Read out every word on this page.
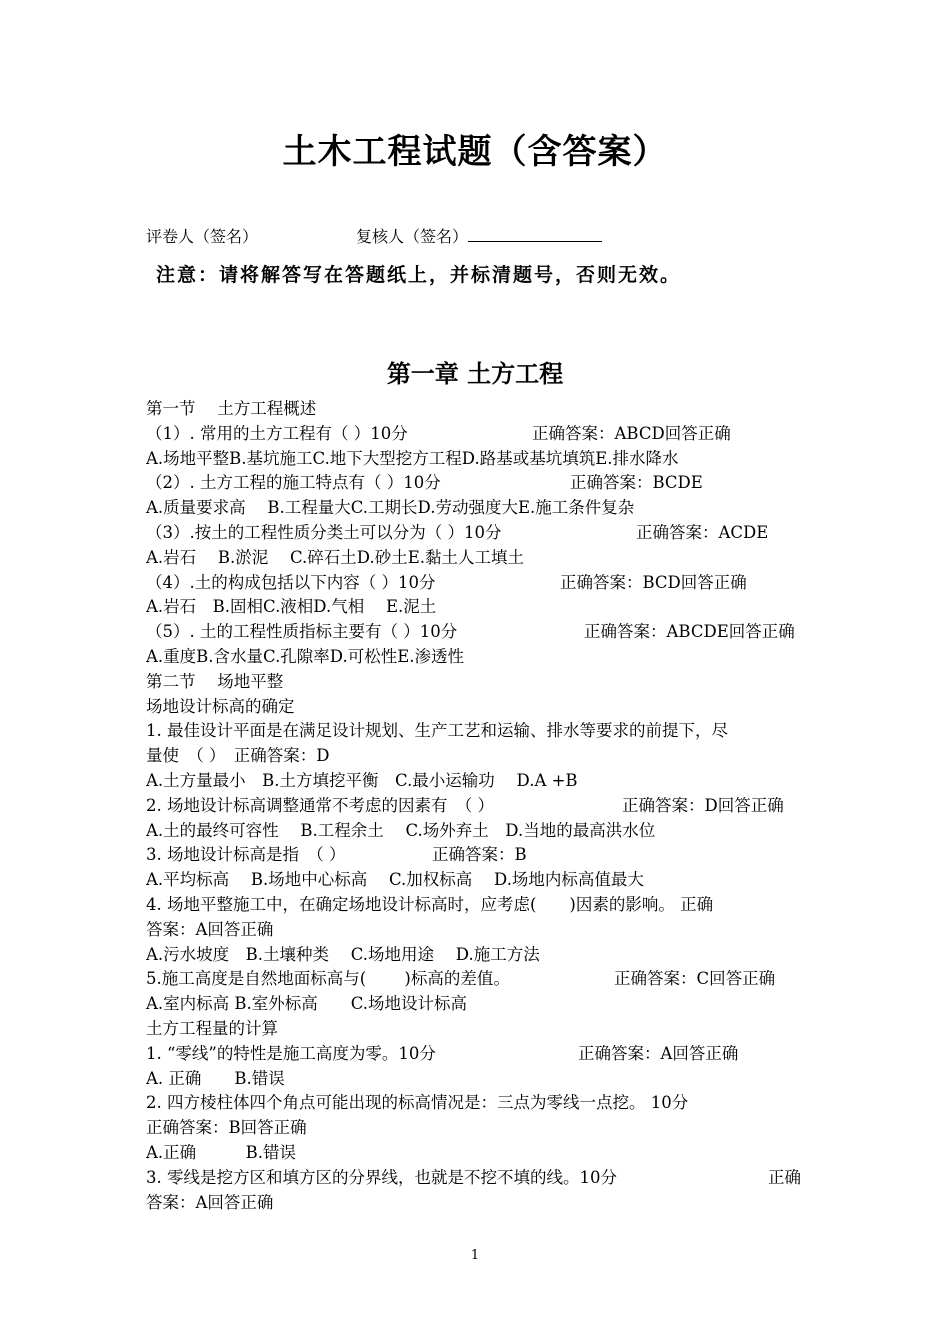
土木工程试题（含答案）
评卷人（签名）	复核人（签名）
注意：请将解答写在答题纸上，并标清题号，否则无效。
第一章 土方工程
第一节　 土方工程概述
（1）. 常用的土方工程有（ ）10分	正确答案：ABCD回答正确
A.场地平整B.基坑施工C.地下大型挖方工程D.路基或基坑填筑E.排水降水
（2）. 土方工程的施工特点有（ ）10分	正确答案：BCDE
A.质量要求高　 B.工程量大C.工期长D.劳动强度大E.施工条件复杂
（3）.按土的工程性质分类土可以分为（ ）10分	正确答案：ACDE
A.岩石　 B.淤泥　 C.碎石土D.砂土E.黏土人工填土
（4）.土的构成包括以下内容（ ）10分	正确答案：BCD回答正确
A.岩石　B.固相C.液相D.气相　 E.泥土
（5）. 土的工程性质指标主要有（ ）10分	正确答案：ABCDE回答正确
A.重度B.含水量C.孔隙率D.可松性E.渗透性
第二节　 场地平整
场地设计标高的确定
1. 最佳设计平面是在满足设计规划、生产工艺和运输、排水等要求的前提下，尽
量使　（ ）　正确答案：D
A.土方量最小　B.土方填挖平衡　C.最小运输功　 D.A +B
2. 场地设计标高调整通常不考虑的因素有　（ ）	正确答案：D回答正确
A.土的最终可容性　 B.工程余土　 C.场外弃土　D.当地的最高洪水位
3. 场地设计标高是指　（ ）	正确答案：B
A.平均标高　 B.场地中心标高　 C.加权标高　 D.场地内标高值最大
4. 场地平整施工中，在确定场地设计标高时，应考虑(　　)因素的影响。 正确
答案：A回答正确
A.污水坡度　B.土壤种类　 C.场地用途　 D.施工方法
5.施工高度是自然地面标高与(　　 )标高的差值。	正确答案：C回答正确
A.室内标高 B.室外标高　　C.场地设计标高
土方工程量的计算
1. “零线”的特性是施工高度为零。10分	正确答案：A回答正确
A. 正确　　B.错误
2. 四方棱柱体四个角点可能出现的标高情况是：三点为零线一点挖。 10分
正确答案：B回答正确
A.正确　　　B.错误
3. 零线是挖方区和填方区的分界线，也就是不挖不填的线。10分	正确
答案：A回答正确
1
